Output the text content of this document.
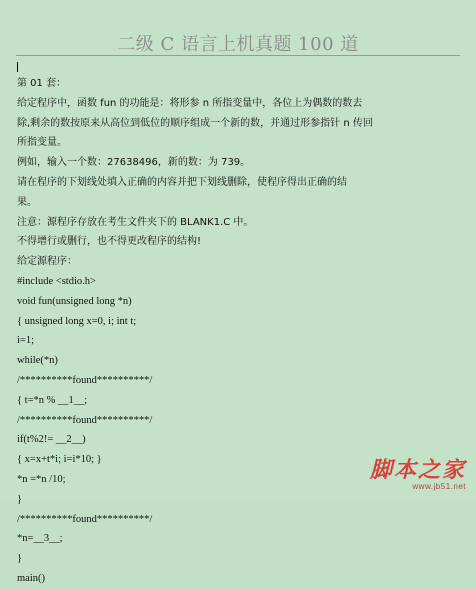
二级 C 语言上机真题 100 道
第 01 套：
给定程序中，函数 fun 的功能是：将形参 n 所指变量中，各位上为偶数的数去
除,剩余的数按原来从高位到低位的顺序组成一个新的数，并通过形参指针 n 传回
所指变量。
例如，输入一个数：27638496，新的数：为 739。
请在程序的下划线处填入正确的内容并把下划线删除，使程序得出正确的结
果。
注意：源程序存放在考生文件夹下的 BLANK1.C 中。
不得增行或删行，也不得更改程序的结构!
给定源程序：
#include <stdio.h>
void fun(unsigned long *n)
{ unsigned long x=0, i; int t;
i=1;
while(*n)
/**********found**********/
{ t=*n % __1__;
/**********found**********/
if(t%2!= __2__)
{ x=x+t*i; i=i*10; }
*n =*n /10;
}
/**********found**********/
*n=__3__;
}
main()
脚本之家
www.jb51.net
